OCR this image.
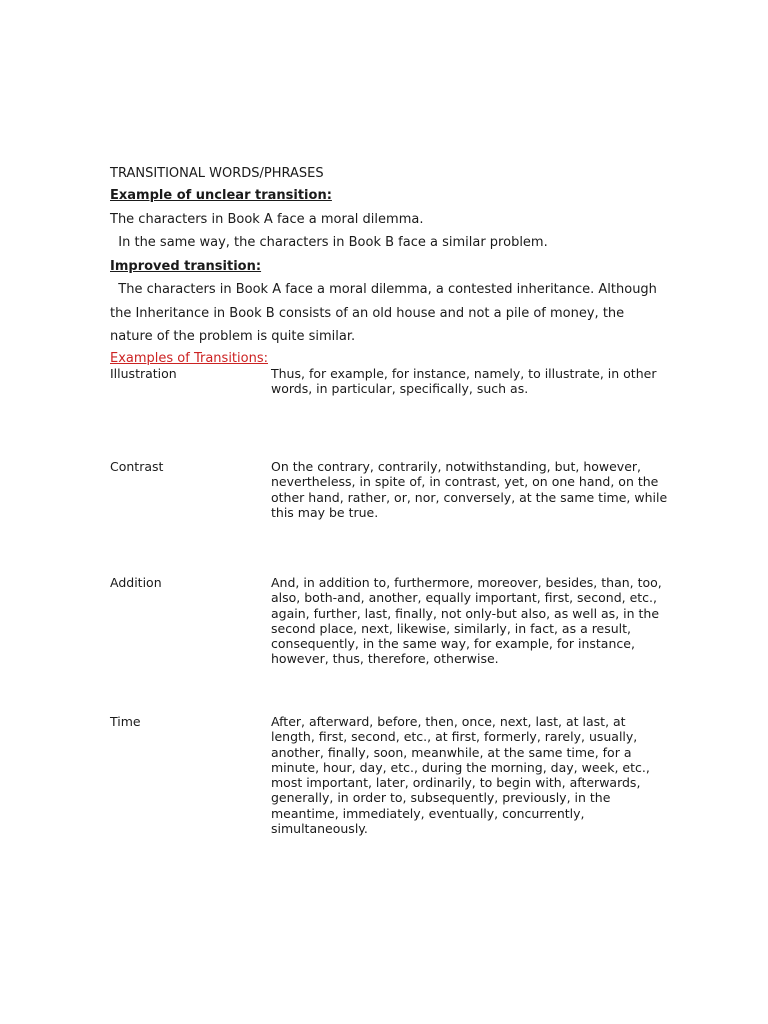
TRANSITIONAL WORDS/PHRASES
Example of unclear transition:
The characters in Book A face a moral dilemma.
In the same way, the characters in Book B face a similar problem.
Improved transition:
The characters in Book A face a moral dilemma, a contested inheritance. Although the Inheritance in Book B consists of an old house and not a pile of money, the nature of the problem is quite similar.
Examples of Transitions:
Illustration	Thus, for example, for instance, namely, to illustrate, in other words, in particular, specifically, such as.
Contrast	On the contrary, contrarily, notwithstanding, but, however, nevertheless, in spite of, in contrast, yet, on one hand, on the other hand, rather, or, nor, conversely, at the same time, while this may be true.
Addition	And, in addition to, furthermore, moreover, besides, than, too, also, both-and, another, equally important, first, second, etc., again, further, last, finally, not only-but also, as well as, in the second place, next, likewise, similarly, in fact, as a result, consequently, in the same way, for example, for instance, however, thus, therefore, otherwise.
Time	After, afterward, before, then, once, next, last, at last, at length, first, second, etc., at first, formerly, rarely, usually, another, finally, soon, meanwhile, at the same time, for a minute, hour, day, etc., during the morning, day, week, etc., most important, later, ordinarily, to begin with, afterwards, generally, in order to, subsequently, previously, in the meantime, immediately, eventually, concurrently, simultaneously.
